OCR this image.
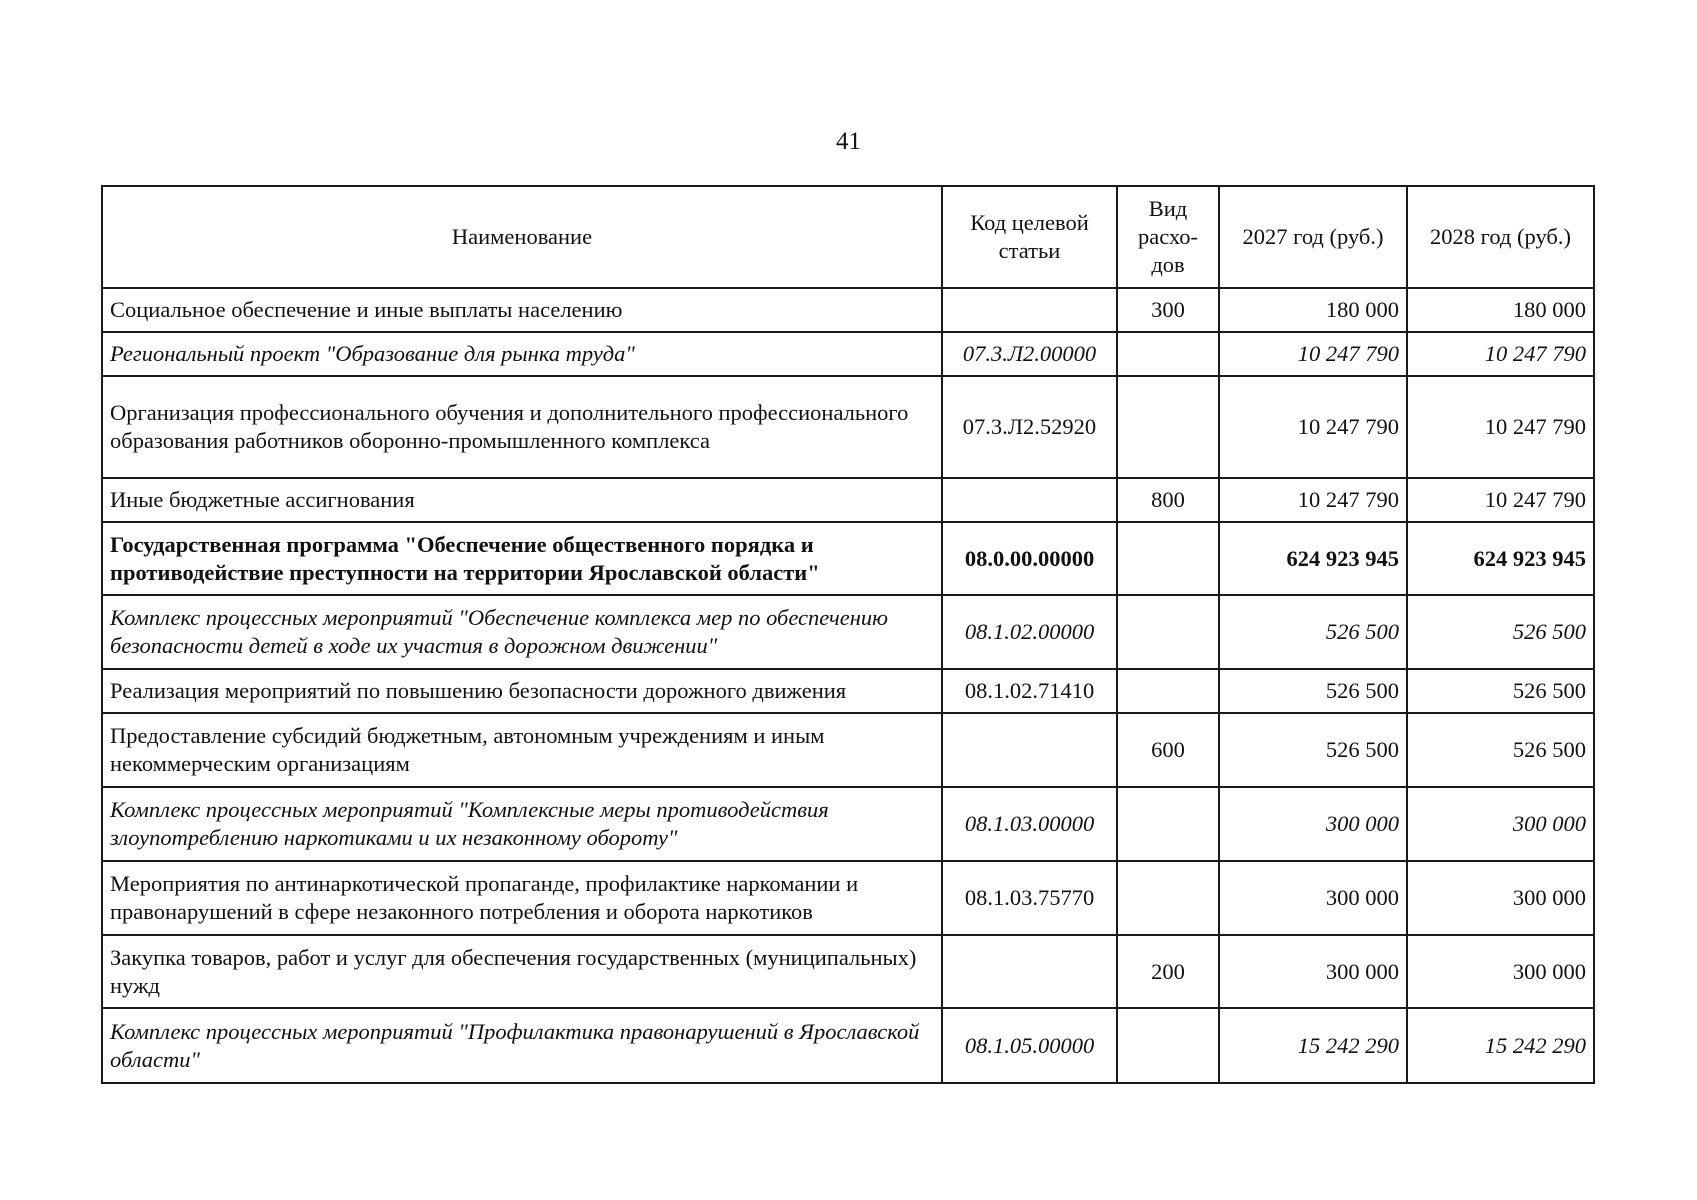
41
Наименование	Код целевой статьи	Вид расхо-дов	2027 год (руб.)	2028 год (руб.)
Социальное обеспечение и иные выплаты населению		300	180 000	180 000
Региональный проект "Образование для рынка труда"	07.3.Л2.00000		10 247 790	10 247 790
Организация профессионального обучения и дополнительного профессионального образования работников оборонно-промышленного комплекса	07.3.Л2.52920		10 247 790	10 247 790
Иные бюджетные ассигнования		800	10 247 790	10 247 790
Государственная программа "Обеспечение общественного порядка и противодействие преступности на территории Ярославской области"	08.0.00.00000		624 923 945	624 923 945
Комплекс процессных мероприятий "Обеспечение комплекса мер по обеспечению безопасности детей в ходе их участия в дорожном движении"	08.1.02.00000		526 500	526 500
Реализация мероприятий по повышению безопасности дорожного движения	08.1.02.71410		526 500	526 500
Предоставление субсидий бюджетным, автономным учреждениям и иным некоммерческим организациям		600	526 500	526 500
Комплекс процессных мероприятий "Комплексные меры противодействия злоупотреблению наркотиками и их незаконному обороту"	08.1.03.00000		300 000	300 000
Мероприятия по антинаркотической пропаганде, профилактике наркомании и правонарушений в сфере незаконного потребления и оборота наркотиков	08.1.03.75770		300 000	300 000
Закупка товаров, работ и услуг для обеспечения государственных (муниципальных) нужд		200	300 000	300 000
Комплекс процессных мероприятий "Профилактика правонарушений в Ярославской области"	08.1.05.00000		15 242 290	15 242 290
